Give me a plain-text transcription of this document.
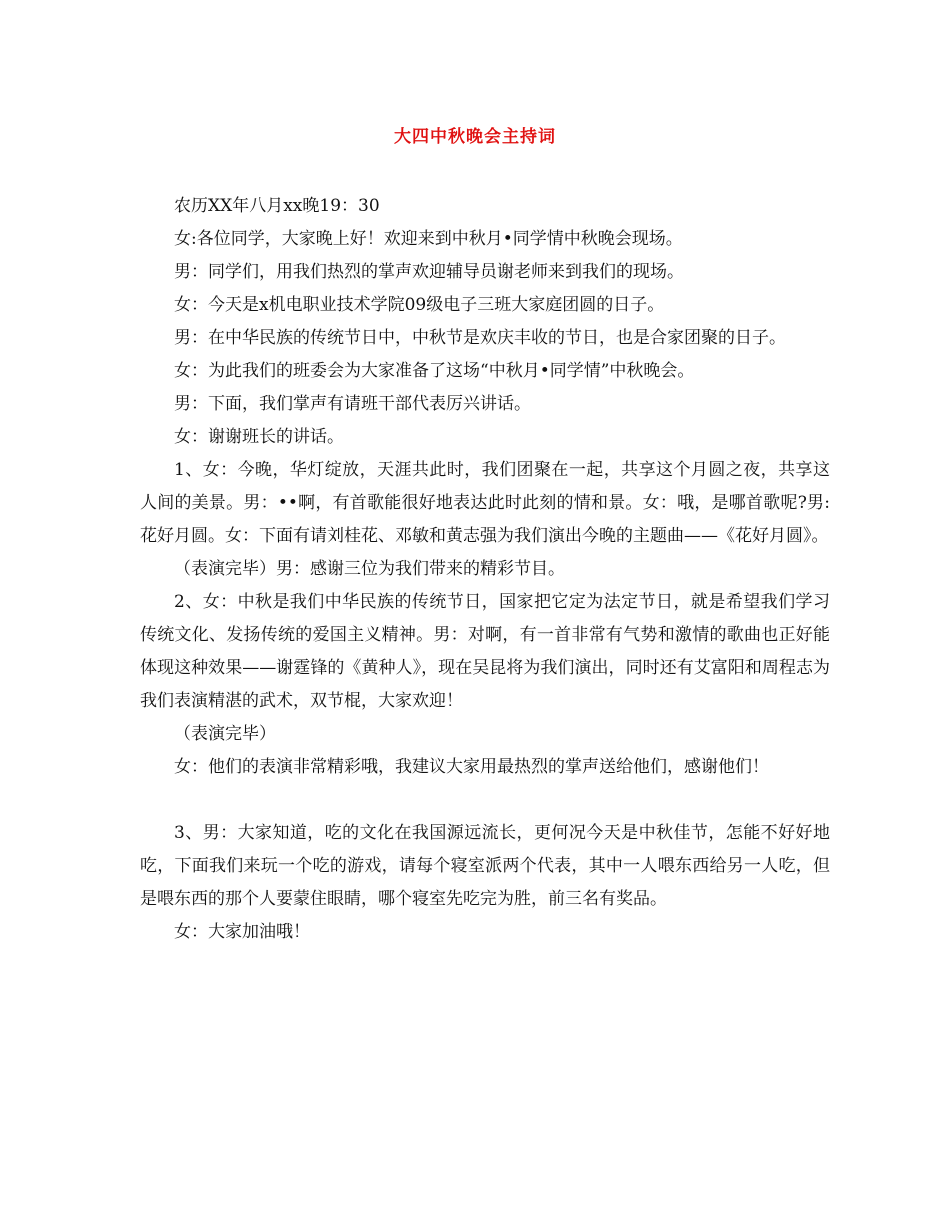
大四中秋晚会主持词

农历XX年八月xx晚19：30

女:各位同学，大家晚上好！欢迎来到中秋月•同学情中秋晚会现场。

男：同学们，用我们热烈的掌声欢迎辅导员谢老师来到我们的现场。

女：今天是x机电职业技术学院09级电子三班大家庭团圆的日子。

男：在中华民族的传统节日中，中秋节是欢庆丰收的节日，也是合家团聚的日子。

女：为此我们的班委会为大家准备了这场“中秋月•同学情”中秋晚会。

男：下面，我们掌声有请班干部代表厉兴讲话。

女：谢谢班长的讲话。

1、女：今晚，华灯绽放，天涯共此时，我们团聚在一起，共享这个月圆之夜，共享这人间的美景。男：••啊，有首歌能很好地表达此时此刻的情和景。女：哦，是哪首歌呢?男:花好月圆。女：下面有请刘桂花、邓敏和黄志强为我们演出今晚的主题曲——《花好月圆》。

（表演完毕）男：感谢三位为我们带来的精彩节目。

2、女：中秋是我们中华民族的传统节日，国家把它定为法定节日，就是希望我们学习传统文化、发扬传统的爱国主义精神。男：对啊，有一首非常有气势和激情的歌曲也正好能体现这种效果——谢霆锋的《黄种人》，现在吴昆将为我们演出，同时还有艾富阳和周程志为我们表演精湛的武术，双节棍，大家欢迎！

（表演完毕）

女：他们的表演非常精彩哦，我建议大家用最热烈的掌声送给他们，感谢他们！

3、男：大家知道，吃的文化在我国源远流长，更何况今天是中秋佳节，怎能不好好地吃，下面我们来玩一个吃的游戏，请每个寝室派两个代表，其中一人喂东西给另一人吃，但是喂东西的那个人要蒙住眼睛，哪个寝室先吃完为胜，前三名有奖品。

女：大家加油哦！
